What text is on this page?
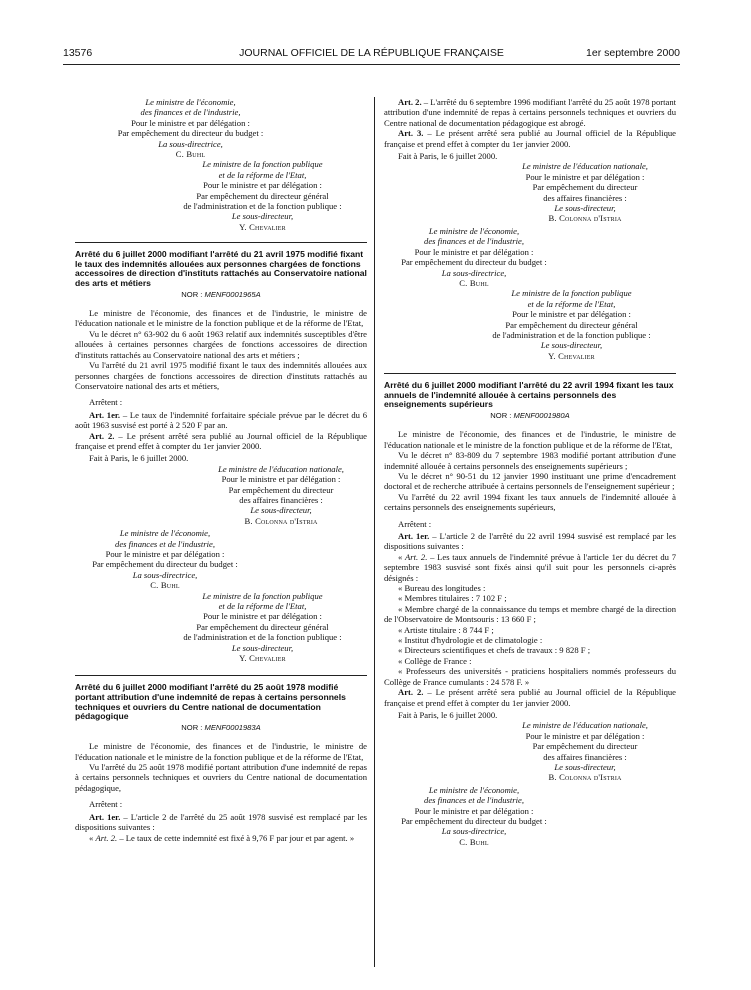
13576	JOURNAL OFFICIEL DE LA RÉPUBLIQUE FRANÇAISE	1er septembre 2000

Le ministre de l'économie,

des finances et de l'industrie,

Pour le ministre et par délégation :

Par empêchement du directeur du budget :

La sous-directrice,

C. Buhl

Le ministre de la fonction publique

et de la réforme de l'Etat,

Pour le ministre et par délégation :

Par empêchement du directeur général

de l'administration et de la fonction publique :

Le sous-directeur,

Y. Chevalier

Arrêté du 6 juillet 2000 modifiant l'arrêté du 21 avril 1975 modifié fixant le taux des indemnités allouées aux personnes chargées de fonctions accessoires de direction d'instituts rattachés au Conservatoire national des arts et métiers

NOR : MENF0001965A

Le ministre de l'économie, des finances et de l'industrie, le ministre de l'éducation nationale et le ministre de la fonction publique et de la réforme de l'Etat,

Vu le décret n° 63-902 du 6 août 1963 relatif aux indemnités susceptibles d'être allouées à certaines personnes chargées de fonctions accessoires de direction d'instituts rattachés au Conservatoire national des arts et métiers ;

Vu l'arrêté du 21 avril 1975 modifié fixant le taux des indemnités allouées aux personnes chargées de fonctions accessoires de direction d'instituts rattachés au Conservatoire national des arts et métiers,

Arrêtent :

Art. 1er. – Le taux de l'indemnité forfaitaire spéciale prévue par le décret du 6 août 1963 susvisé est porté à 2 520 F par an.

Art. 2. – Le présent arrêté sera publié au Journal officiel de la République française et prend effet à compter du 1er janvier 2000.

Fait à Paris, le 6 juillet 2000.

Le ministre de l'éducation nationale,

Pour le ministre et par délégation :

Par empêchement du directeur

des affaires financières :

Le sous-directeur,

B. Colonna d'Istria

Le ministre de l'économie,

des finances et de l'industrie,

Pour le ministre et par délégation :

Par empêchement du directeur du budget :

La sous-directrice,

C. Buhl

Le ministre de la fonction publique

et de la réforme de l'Etat,

Pour le ministre et par délégation :

Par empêchement du directeur général

de l'administration et de la fonction publique :

Le sous-directeur,

Y. Chevalier

Arrêté du 6 juillet 2000 modifiant l'arrêté du 25 août 1978 modifié portant attribution d'une indemnité de repas à certains personnels techniques et ouvriers du Centre national de documentation pédagogique

NOR : MENF0001983A

Le ministre de l'économie, des finances et de l'industrie, le ministre de l'éducation nationale et le ministre de la fonction publique et de la réforme de l'Etat,

Vu l'arrêté du 25 août 1978 modifié portant attribution d'une indemnité de repas à certains personnels techniques et ouvriers du Centre national de documentation pédagogique,

Arrêtent :

Art. 1er. – L'article 2 de l'arrêté du 25 août 1978 susvisé est remplacé par les dispositions suivantes :

« Art. 2. – Le taux de cette indemnité est fixé à 9,76 F par jour et par agent. »

Art. 2. – L'arrêté du 6 septembre 1996 modifiant l'arrêté du 25 août 1978 portant attribution d'une indemnité de repas à certains personnels techniques et ouvriers du Centre national de documentation pédagogique est abrogé.

Art. 3. – Le présent arrêté sera publié au Journal officiel de la République française et prend effet à compter du 1er janvier 2000.

Fait à Paris, le 6 juillet 2000.

Le ministre de l'éducation nationale,

Pour le ministre et par délégation :

Par empêchement du directeur

des affaires financières :

Le sous-directeur,

B. Colonna d'Istria

Le ministre de l'économie,

des finances et de l'industrie,

Pour le ministre et par délégation :

Par empêchement du directeur du budget :

La sous-directrice,

C. Buhl

Le ministre de la fonction publique

et de la réforme de l'Etat,

Pour le ministre et par délégation :

Par empêchement du directeur général

de l'administration et de la fonction publique :

Le sous-directeur,

Y. Chevalier

Arrêté du 6 juillet 2000 modifiant l'arrêté du 22 avril 1994 fixant les taux annuels de l'indemnité allouée à certains personnels des enseignements supérieurs

NOR : MENF0001980A

Le ministre de l'économie, des finances et de l'industrie, le ministre de l'éducation nationale et le ministre de la fonction publique et de la réforme de l'Etat,

Vu le décret n° 83-809 du 7 septembre 1983 modifié portant attribution d'une indemnité allouée à certains personnels des enseignements supérieurs ;

Vu le décret n° 90-51 du 12 janvier 1990 instituant une prime d'encadrement doctoral et de recherche attribuée à certains personnels de l'enseignement supérieur ;

Vu l'arrêté du 22 avril 1994 fixant les taux annuels de l'indemnité allouée à certains personnels des enseignements supérieurs,

Arrêtent :

Art. 1er. – L'article 2 de l'arrêté du 22 avril 1994 susvisé est remplacé par les dispositions suivantes :

« Art. 2. – Les taux annuels de l'indemnité prévue à l'article 1er du décret du 7 septembre 1983 susvisé sont fixés ainsi qu'il suit pour les personnels ci-après désignés :

« Bureau des longitudes :

« Membres titulaires : 7 102 F ;

« Membre chargé de la connaissance du temps et membre chargé de la direction de l'Observatoire de Montsouris : 13 660 F ;

« Artiste titulaire : 8 744 F ;

« Institut d'hydrologie et de climatologie :

« Directeurs scientifiques et chefs de travaux : 9 828 F ;

« Collège de France :

« Professeurs des universités - praticiens hospitaliers nommés professeurs du Collège de France cumulants : 24 578 F. »

Art. 2. – Le présent arrêté sera publié au Journal officiel de la République française et prend effet à compter du 1er janvier 2000.

Fait à Paris, le 6 juillet 2000.

Le ministre de l'éducation nationale,

Pour le ministre et par délégation :

Par empêchement du directeur

des affaires financières :

Le sous-directeur,

B. Colonna d'Istria

Le ministre de l'économie,

des finances et de l'industrie,

Pour le ministre et par délégation :

Par empêchement du directeur du budget :

La sous-directrice,

C. Buhl
